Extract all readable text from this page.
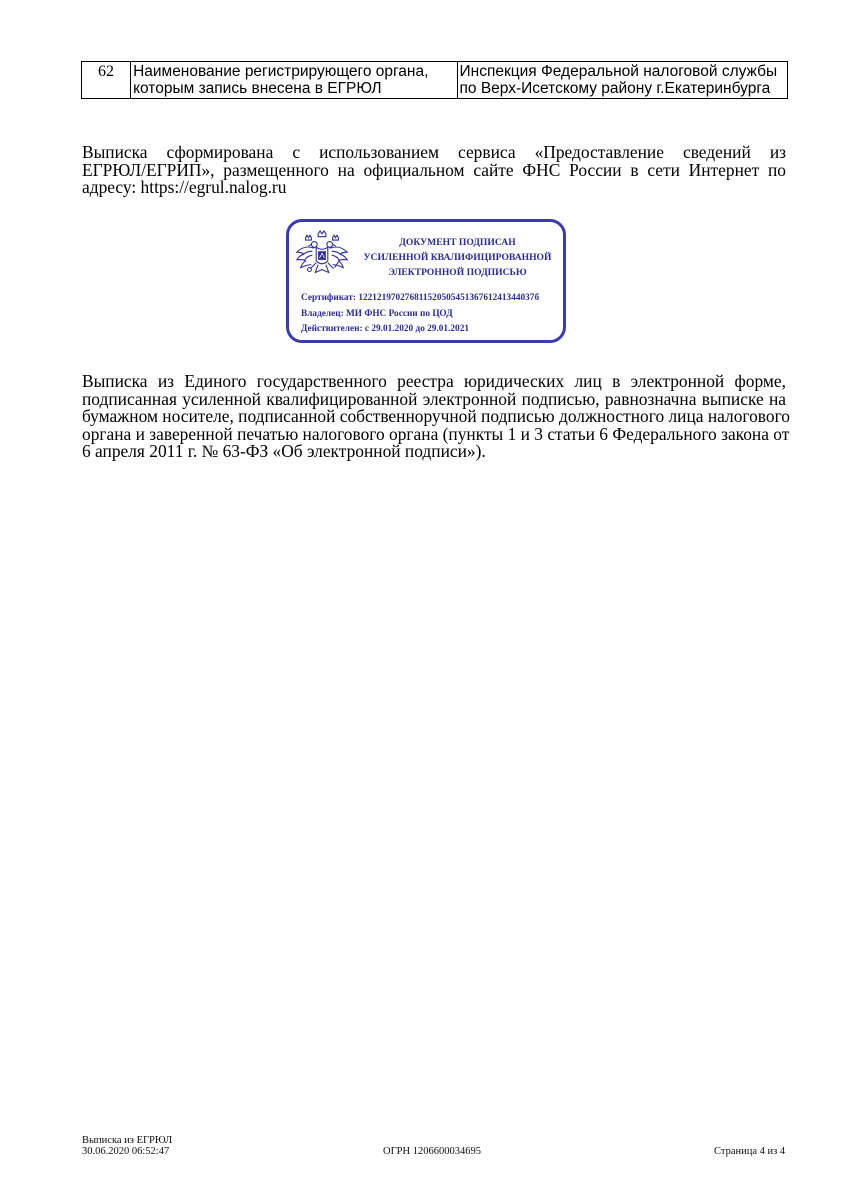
62	Наименование регистрирующего органа,
которым запись внесена в ЕГРЮЛ

Инспекция Федеральной налоговой службы
по Верх-Исетскому району г.Екатеринбурга
Выписка сформирована с использованием сервиса «Предоставление сведений из
ЕГРЮЛ/ЕГРИП», размещенного на официальном сайте ФНС России в сети Интернет по
адресу: https://egrul.nalog.ru
ДОКУМЕНТ ПОДПИСАН
УСИЛЕННОЙ КВАЛИФИЦИРОВАННОЙ
ЭЛЕКТРОННОЙ ПОДПИСЬЮ
Сертификат: 12212197027681152050545136761241344037б
Владелец: МИ ФНС России по ЦОД
Действителен: с 29.01.2020 до 29.01.2021
Выписка из Единого государственного реестра юридических лиц в электронной форме,
подписанная усиленной квалифицированной электронной подписью, равнозначна выписке на
бумажном носителе, подписанной собственноручной подписью должностного лица налогового
органа и заверенной печатью налогового органа (пункты 1 и 3 статьи 6 Федерального закона от
6 апреля 2011 г. № 63-ФЗ «Об электронной подписи»).
Выписка из ЕГРЮЛ
30.06.2020 06:52:47	ОГРН 1206600034695	Страница 4 из 4
